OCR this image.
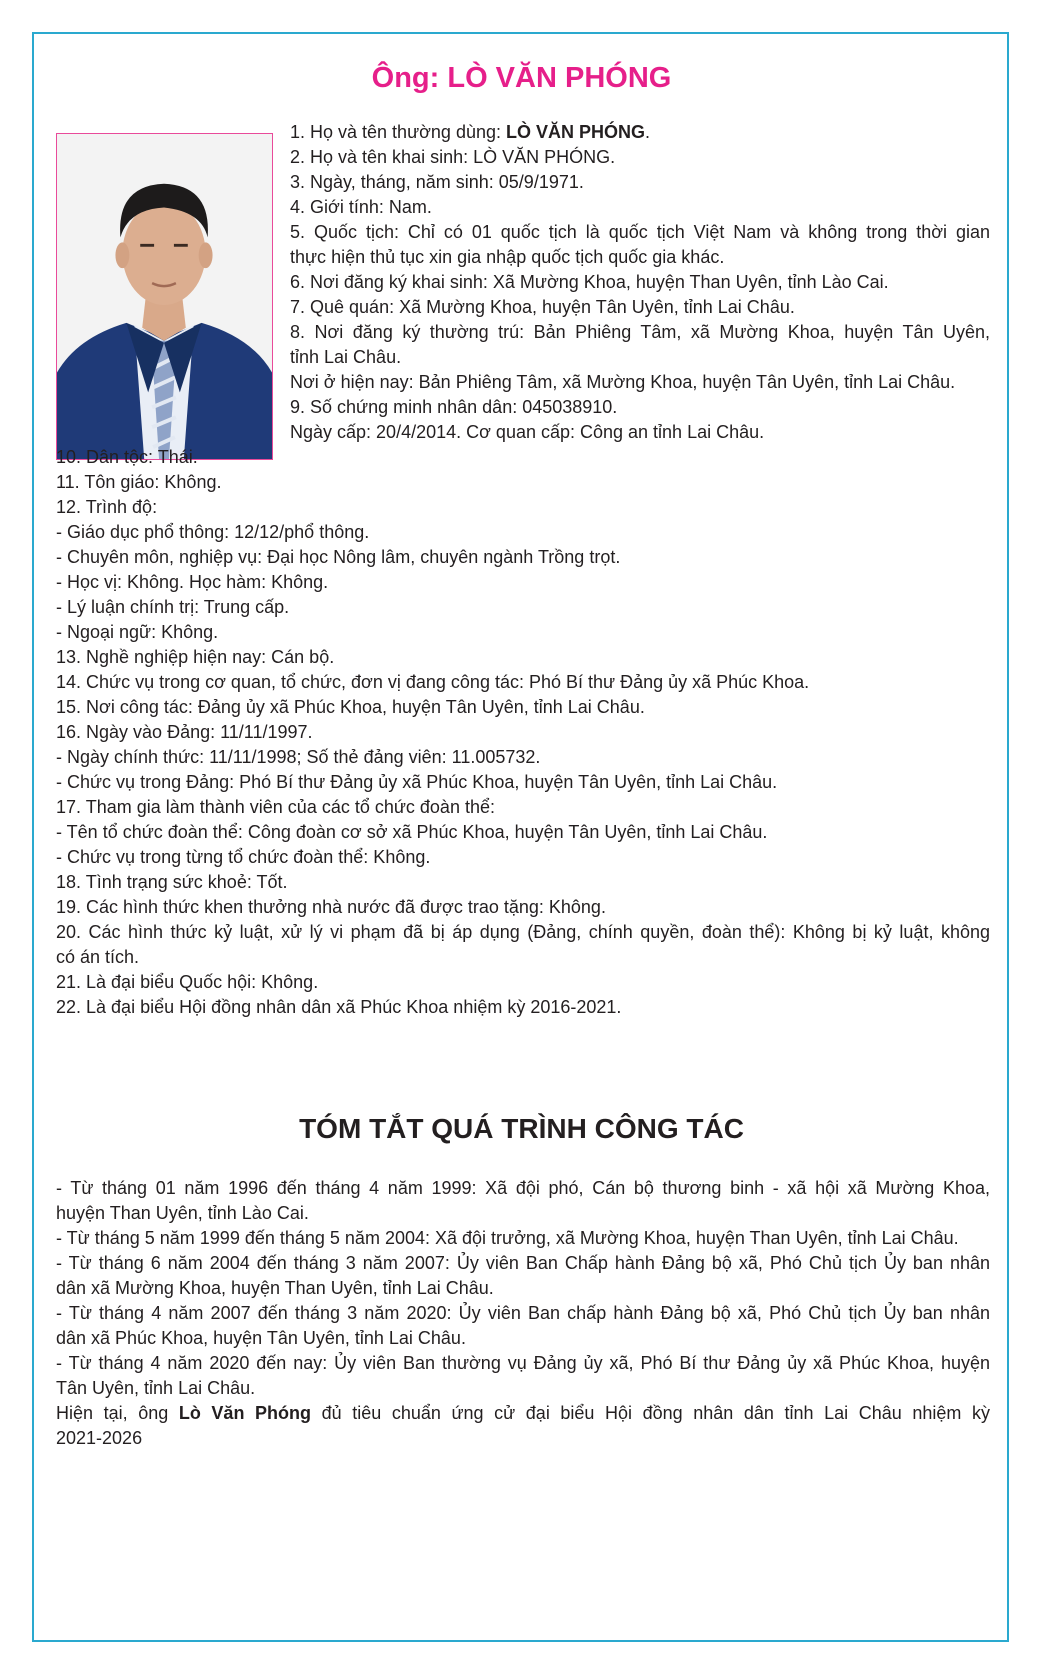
Ông: LÒ VĂN PHÓNG
1. Họ và tên thường dùng: LÒ VĂN PHÓNG.
2. Họ và tên khai sinh: LÒ VĂN PHÓNG.
3. Ngày, tháng, năm sinh: 05/9/1971.
4. Giới tính: Nam.
5. Quốc tịch: Chỉ có 01 quốc tịch là quốc tịch Việt Nam và không trong thời gian
thực hiện thủ tục xin gia nhập quốc tịch quốc gia khác.
6. Nơi đăng ký khai sinh: Xã Mường Khoa, huyện Than Uyên, tỉnh Lào Cai.
7. Quê quán: Xã Mường Khoa, huyện Tân Uyên, tỉnh Lai Châu.
8. Nơi đăng ký thường trú: Bản Phiêng Tâm, xã Mường Khoa, huyện Tân Uyên,
tỉnh Lai Châu.
Nơi ở hiện nay: Bản Phiêng Tâm, xã Mường Khoa, huyện Tân Uyên, tỉnh Lai Châu.
9. Số chứng minh nhân dân: 045038910.
Ngày cấp: 20/4/2014. Cơ quan cấp: Công an tỉnh Lai Châu.
10. Dân tộc: Thái.
11. Tôn giáo: Không.
12. Trình độ:
- Giáo dục phổ thông: 12/12/phổ thông.
- Chuyên môn, nghiệp vụ: Đại học Nông lâm, chuyên ngành Trồng trọt.
- Học vị: Không. Học hàm: Không.
- Lý luận chính trị: Trung cấp.
- Ngoại ngữ: Không.
13. Nghề nghiệp hiện nay: Cán bộ.
14. Chức vụ trong cơ quan, tổ chức, đơn vị đang công tác: Phó Bí thư Đảng ủy xã Phúc Khoa.
15. Nơi công tác: Đảng ủy xã Phúc Khoa, huyện Tân Uyên, tỉnh Lai Châu.
16. Ngày vào Đảng: 11/11/1997.
- Ngày chính thức: 11/11/1998; Số thẻ đảng viên: 11.005732.
- Chức vụ trong Đảng: Phó Bí thư Đảng ủy xã Phúc Khoa, huyện Tân Uyên, tỉnh Lai Châu.
17. Tham gia làm thành viên của các tổ chức đoàn thể:
- Tên tổ chức đoàn thể: Công đoàn cơ sở xã Phúc Khoa, huyện Tân Uyên, tỉnh Lai Châu.
- Chức vụ trong từng tổ chức đoàn thể: Không.
18. Tình trạng sức khoẻ: Tốt.
19. Các hình thức khen thưởng nhà nước đã được trao tặng: Không.
20. Các hình thức kỷ luật, xử lý vi phạm đã bị áp dụng (Đảng, chính quyền, đoàn thể): Không bị kỷ luật, không
có án tích.
21. Là đại biểu Quốc hội: Không.
22. Là đại biểu Hội đồng nhân dân xã Phúc Khoa nhiệm kỳ 2016-2021.
TÓM TẮT QUÁ TRÌNH CÔNG TÁC
- Từ tháng 01 năm 1996 đến tháng 4 năm 1999: Xã đội phó, Cán bộ thương binh - xã hội xã Mường Khoa,
huyện Than Uyên, tỉnh Lào Cai.
- Từ tháng 5 năm 1999 đến tháng 5 năm 2004: Xã đội trưởng, xã Mường Khoa, huyện Than Uyên, tỉnh Lai Châu.
- Từ tháng 6 năm 2004 đến tháng 3 năm 2007: Ủy viên Ban Chấp hành Đảng bộ xã, Phó Chủ tịch Ủy ban nhân
dân xã Mường Khoa, huyện Than Uyên, tỉnh Lai Châu.
- Từ tháng 4 năm 2007 đến tháng 3 năm 2020: Ủy viên Ban chấp hành Đảng bộ xã, Phó Chủ tịch Ủy ban nhân
dân xã Phúc Khoa, huyện Tân Uyên, tỉnh Lai Châu.
- Từ tháng 4 năm 2020 đến nay: Ủy viên Ban thường vụ Đảng ủy xã, Phó Bí thư Đảng ủy xã Phúc Khoa, huyện
Tân Uyên, tỉnh Lai Châu.
Hiện tại, ông Lò Văn Phóng đủ tiêu chuẩn ứng cử đại biểu Hội đồng nhân dân tỉnh Lai Châu nhiệm kỳ
2021-2026
